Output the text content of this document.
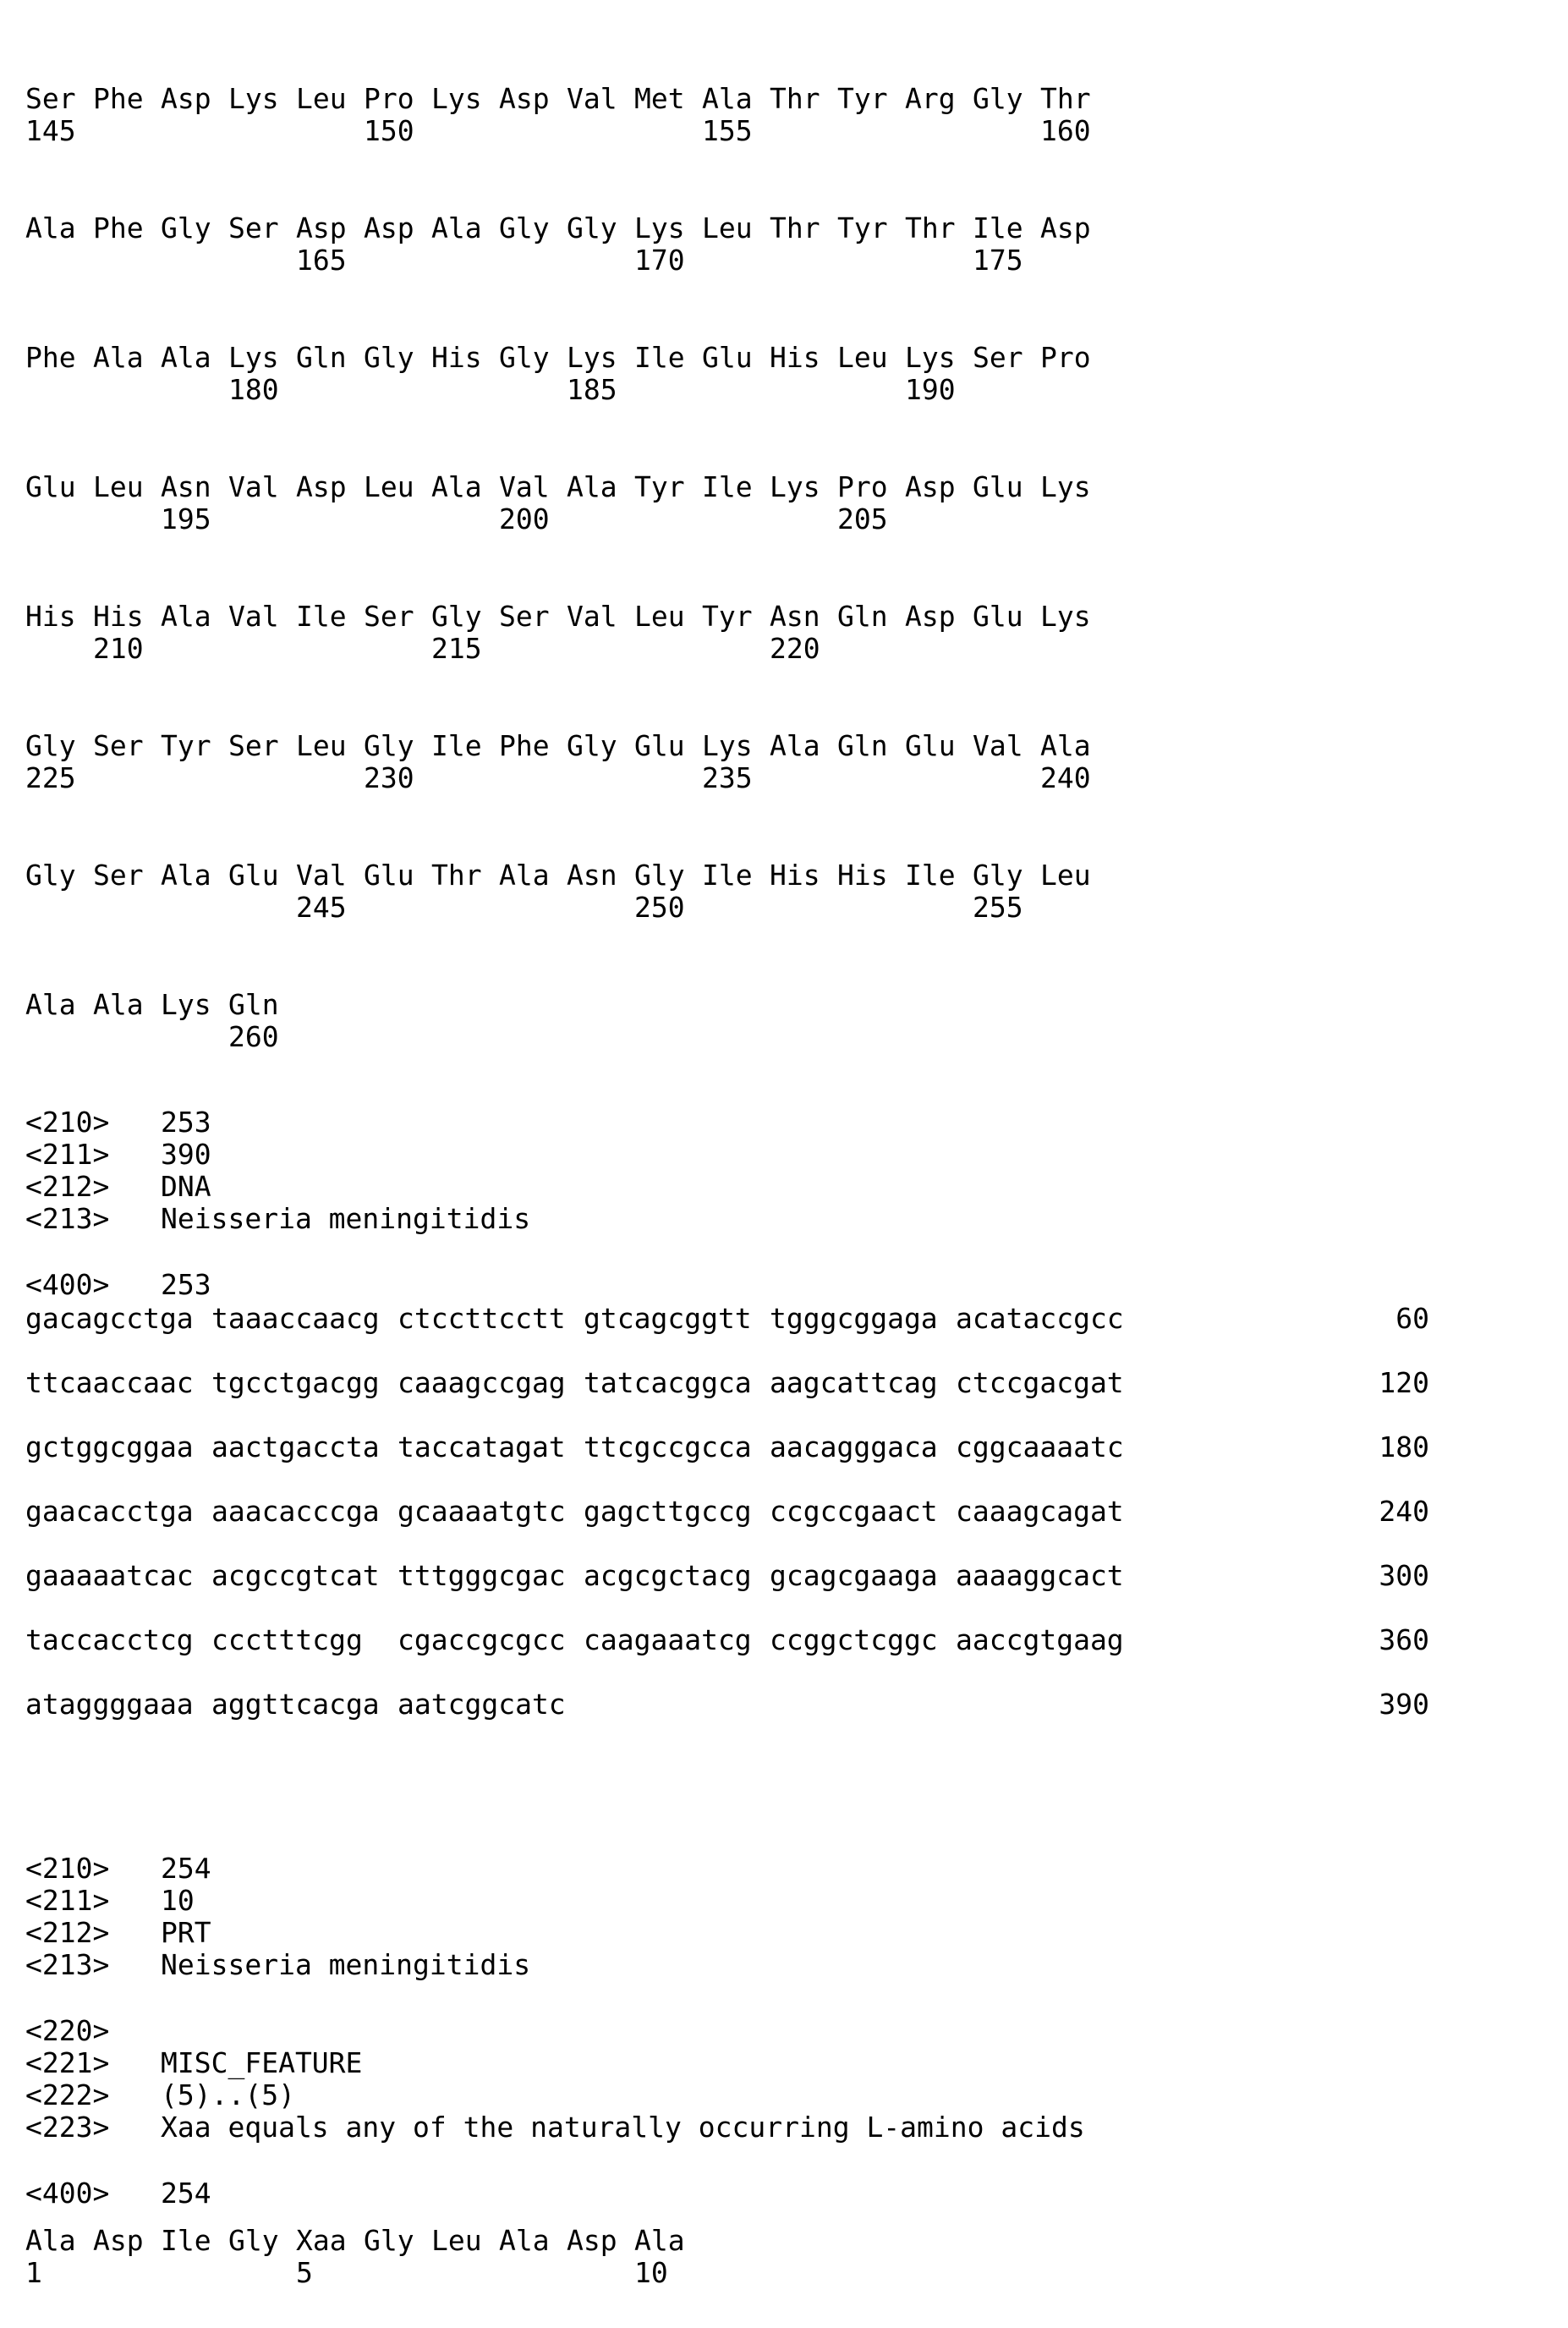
Ser Phe Asp Lys Leu Pro Lys Asp Val Met Ala Thr Tyr Arg Gly Thr
145	150	155	160
Ala Phe Gly Ser Asp Asp Ala Gly Gly Lys Leu Thr Tyr Thr Ile Asp
165	170	175
Phe Ala Ala Lys Gln Gly His Gly Lys Ile Glu His Leu Lys Ser Pro
180	185	190
Glu Leu Asn Val Asp Leu Ala Val Ala Tyr Ile Lys Pro Asp Glu Lys
195	200	205
His His Ala Val Ile Ser Gly Ser Val Leu Tyr Asn Gln Asp Glu Lys
210	215	220
Gly Ser Tyr Ser Leu Gly Ile Phe Gly Glu Lys Ala Gln Glu Val Ala
225	230	235	240
Gly Ser Ala Glu Val Glu Thr Ala Asn Gly Ile His His Ile Gly Leu
245	250	255
Ala Ala Lys Gln
260
<210>	253
<211>	390
<212>	DNA
<213>	Neisseria meningitidis
<400>	253
gacagcctga taaaccaacg ctccttcctt gtcagcggtt tgggcggaga acataccgcc	60
ttcaaccaac tgcctgacgg caaagccgag tatcacggca aagcattcag ctccgacgat	120
gctggcggaa aactgaccta taccatagat ttcgccgcca aacagggaca cggcaaaatc	180
gaacacctga aaacacccga gcaaaatgtc gagcttgccg ccgccgaact caaagcagat	240
gaaaaatcac acgccgtcat tttgggcgac acgcgctacg gcagcgaaga aaaaggcact	300
taccacctcg ccctttcgg	cgaccgcgcc caagaaatcg ccggctcggc aaccgtgaag	360
ataggggaaa aggttcacga aatcggcatc	390
<210>	254
<211>	10
<212>	PRT
<213>	Neisseria meningitidis
<220>
<221>	MISC_FEATURE
<222>	(5)..(5)
<223>	Xaa equals any of the naturally occurring L-amino acids
<400>	254
Ala Asp Ile Gly Xaa Gly Leu Ala Asp Ala
1	5	10
